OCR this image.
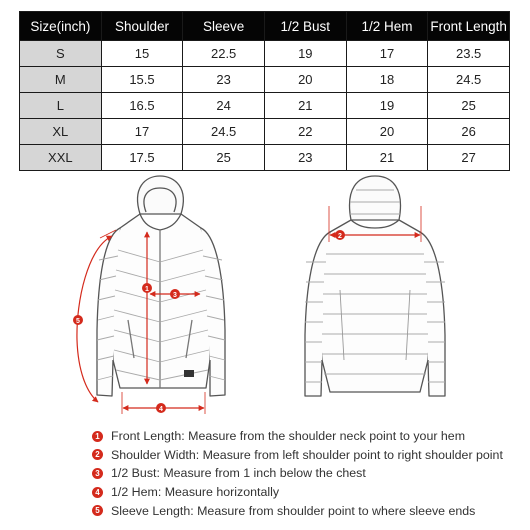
Size(inch)	Shoulder	Sleeve	1/2 Bust	1/2 Hem	Front Length
S	15	22.5	19	17	23.5
M	15.5	23	20	18	24.5
L	16.5	24	21	19	25
XL	17	24.5	22	20	26
XXL	17.5	25	23	21	27
1
3
4
5
2
1 Front Length: Measure from the shoulder neck point to your hem
2 Shoulder Width: Measure from left shoulder point to right shoulder point
3 1/2 Bust: Measure from 1 inch below the chest
4 1/2 Hem: Measure horizontally
5 Sleeve Length: Measure from shoulder point to where sleeve ends
